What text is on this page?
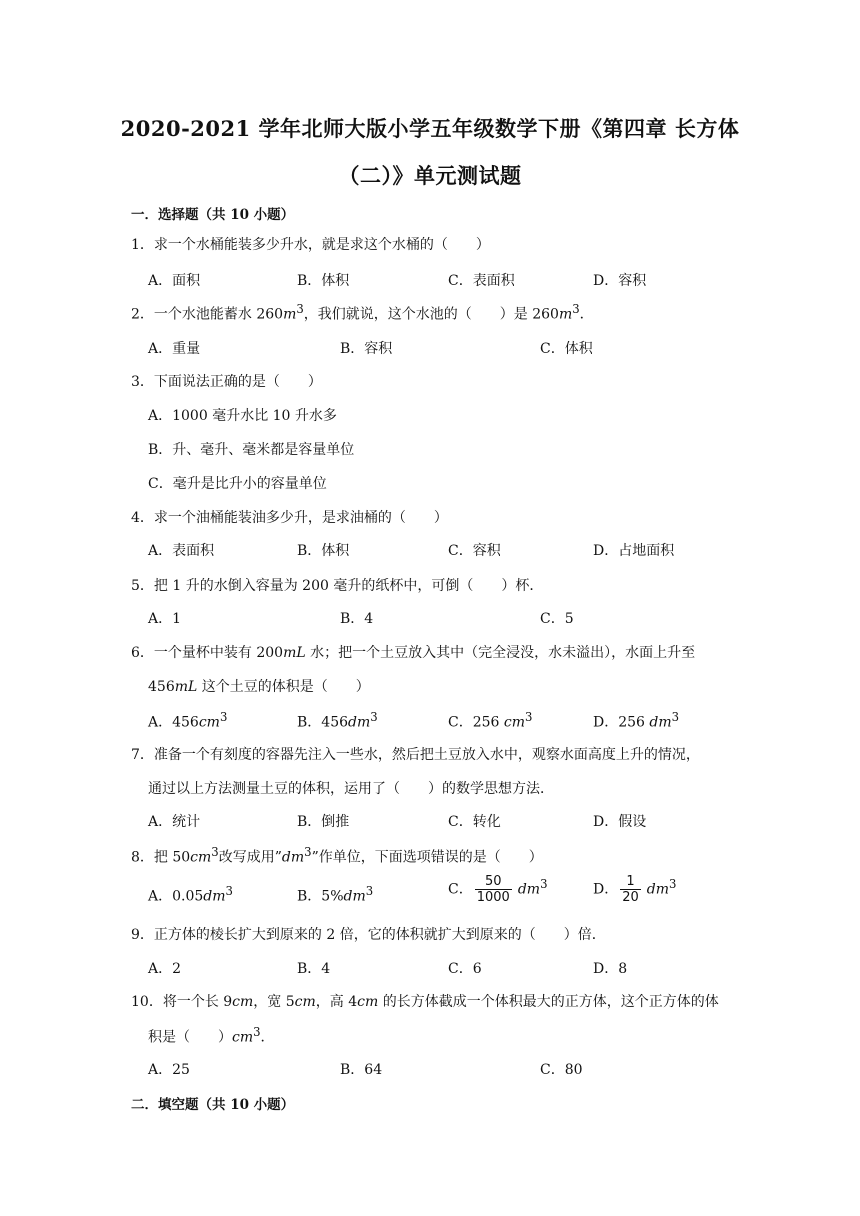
2020-2021 学年北师大版小学五年级数学下册《第四章 长方体
（二）》单元测试题
一．选择题（共 10 小题）
1．求一个水桶能装多少升水，就是求这个水桶的（　　）
A．面积	B．体积	C．表面积	D．容积
2．一个水池能蓄水 $260m^3$，我们就说，这个水池的（　　）是 $260m^3$．
A．重量	B．容积	C．体积
3．下面说法正确的是（　　）
A．1000 毫升水比 10 升水多
B．升、毫升、毫米都是容量单位
C．毫升是比升小的容量单位
4．求一个油桶能装油多少升，是求油桶的（　　）
A．表面积	B．体积	C．容积	D．占地面积
5．把 1 升的水倒入容量为 200 毫升的纸杯中，可倒（　　）杯．
A．1	B．4	C．5
6．一个量杯中装有 200mL 水；把一个土豆放入其中（完全浸没，水未溢出），水面上升至
456mL 这个土豆的体积是（　　）
A．$456cm^3$	B．$456dm^3$	C．256 $cm^3$	D．256 $dm^3$
7．准备一个有刻度的容器先注入一些水，然后把土豆放入水中，观察水面高度上升的情况，
通过以上方法测量土豆的体积，运用了（　　）的数学思想方法．
A．统计	B．倒推	C．转化	D．假设
8．把 $50cm^3$改写成用$”dm^3$”作单位，下面选项错误的是（　　）
A．$0.05dm^3$	B．$5\%dm^3$	C． $\frac{50}{1000} dm^3$	D． $\frac{1}{20} dm^3$
9．正方体的棱长扩大到原来的 2 倍，它的体积就扩大到原来的（　　）倍．
A．2	B．4	C．6	D．8
10．将一个长 9cm，宽 5cm，高 4cm 的长方体截成一个体积最大的正方体，这个正方体的体
积是（　　）$cm^3$．
A．25	B．64	C．80
二．填空题（共 10 小题）
